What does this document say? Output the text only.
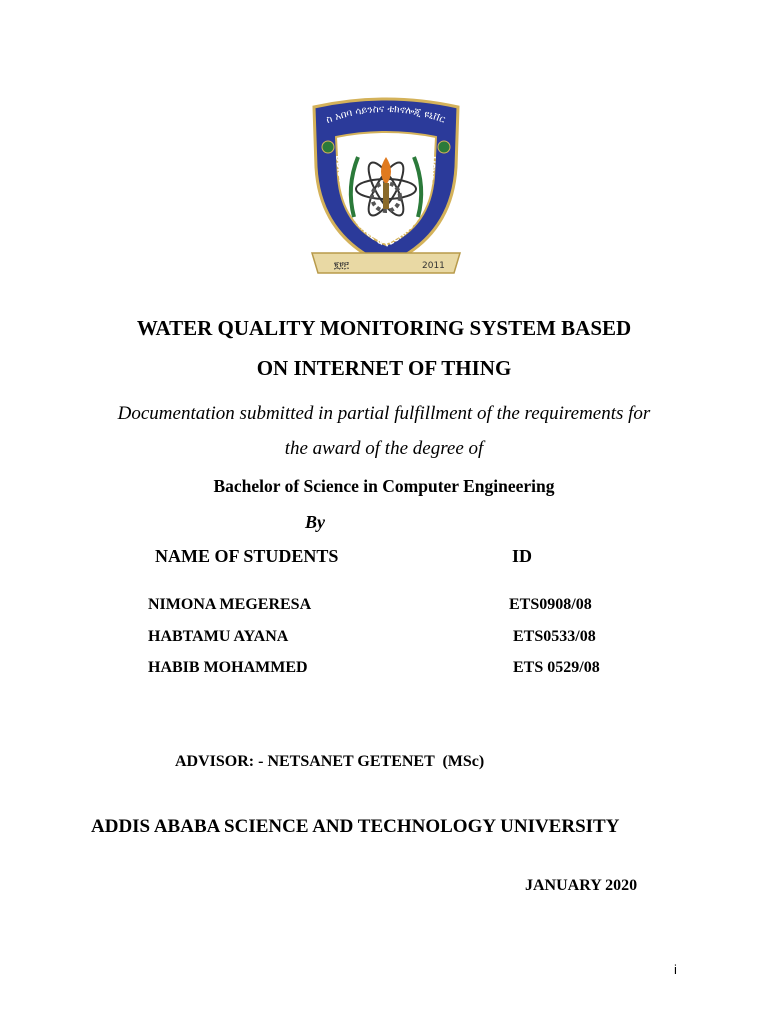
ስ አበባ ሳይንስና ቴክኖሎጂ ዩኒቨር
DDIS ABABA SCIENCE & TECHNOLOGY UNIVERSIT
፪፻፫	2011
WATER QUALITY MONITORING SYSTEM BASED
ON INTERNET OF THING
Documentation submitted in partial fulfillment of the requirements for
the award of the degree of
Bachelor of Science in Computer Engineering
By
NAME OF STUDENTS	ID
NIMONA MEGERESA	ETS0908/08
HABTAMU AYANA	ETS0533/08
HABIB MOHAMMED	ETS 0529/08
ADVISOR: - NETSANET GETENET  (MSc)
ADDIS ABABA SCIENCE AND TECHNOLOGY UNIVERSITY
JANUARY 2020
i
